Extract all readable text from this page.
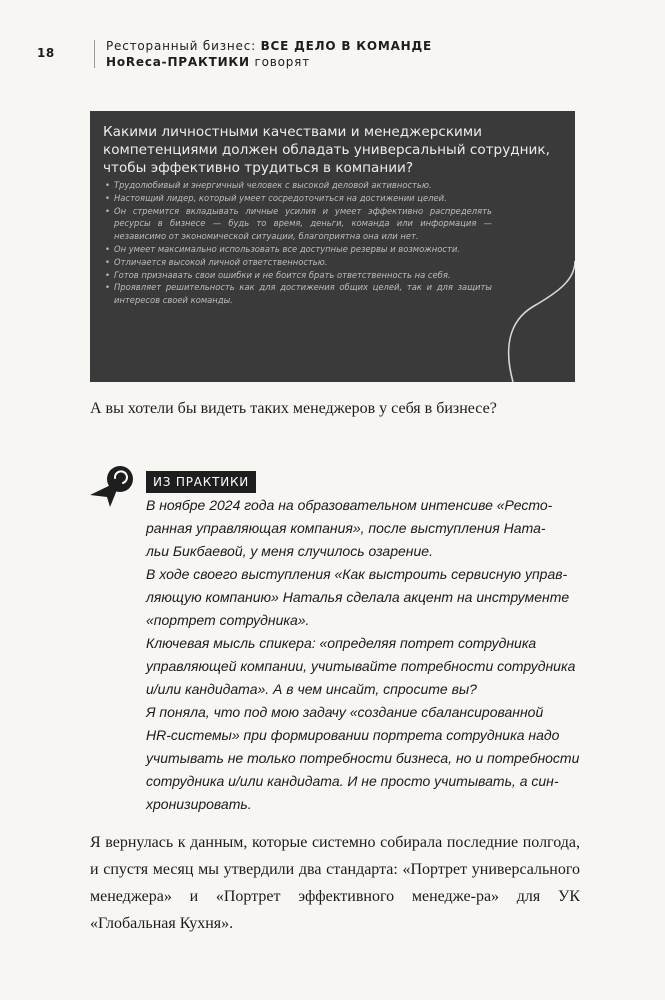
18	Ресторанный бизнес: ВСЕ ДЕЛО В КОМАНДЕ
HoReca-ПРАКТИКИ говорят
Какими личностными качествами и менеджерскими
компетенциями должен обладать универсальный сотрудник,
чтобы эффективно трудиться в компании?
• Трудолюбивый и энергичный человек с высокой деловой активностью.
• Настоящий лидер, который умеет сосредоточиться на достижении целей.
• Он стремится вкладывать личные усилия и умеет эффективно распределять ресурсы в бизнесе — будь то время, деньги, команда или информация — независимо от экономической ситуации, благоприятна она или нет.
• Он умеет максимально использовать все доступные резервы и возможности.
• Отличается высокой личной ответственностью.
• Готов признавать свои ошибки и не боится брать ответственность на себя.
• Проявляет решительность как для достижения общих целей, так и для защиты интересов своей команды.

А вы хотели бы видеть таких менеджеров у себя в бизнесе?

ИЗ ПРАКТИКИ

В ноябре 2024 года на образовательном интенсиве «Ресто-

ранная управляющая компания», после выступления Ната-

льи Бикбаевой, у меня случилось озарение.

В ходе своего выступления «Как выстроить сервисную управ-

ляющую компанию» Наталья сделала акцент на инструменте

«портрет сотрудника».

Ключевая мысль спикера: «определяя потрет сотрудника

управляющей компании, учитывайте потребности сотрудника

и/или кандидата». А в чем инсайт, спросите вы?

Я поняла, что под мою задачу «создание сбалансированной

HR-системы» при формировании портрета сотрудника надо

учитывать не только потребности бизнеса, но и потребности

сотрудника и/или кандидата. И не просто учитывать, а син-

хронизировать.

Я вернулась к данным, которые системно собирала последние полгода, и спустя месяц мы утвердили два стандарта: «Портрет универсального менеджера» и «Портрет эффективного менедже-ра» для УК «Глобальная Кухня».
